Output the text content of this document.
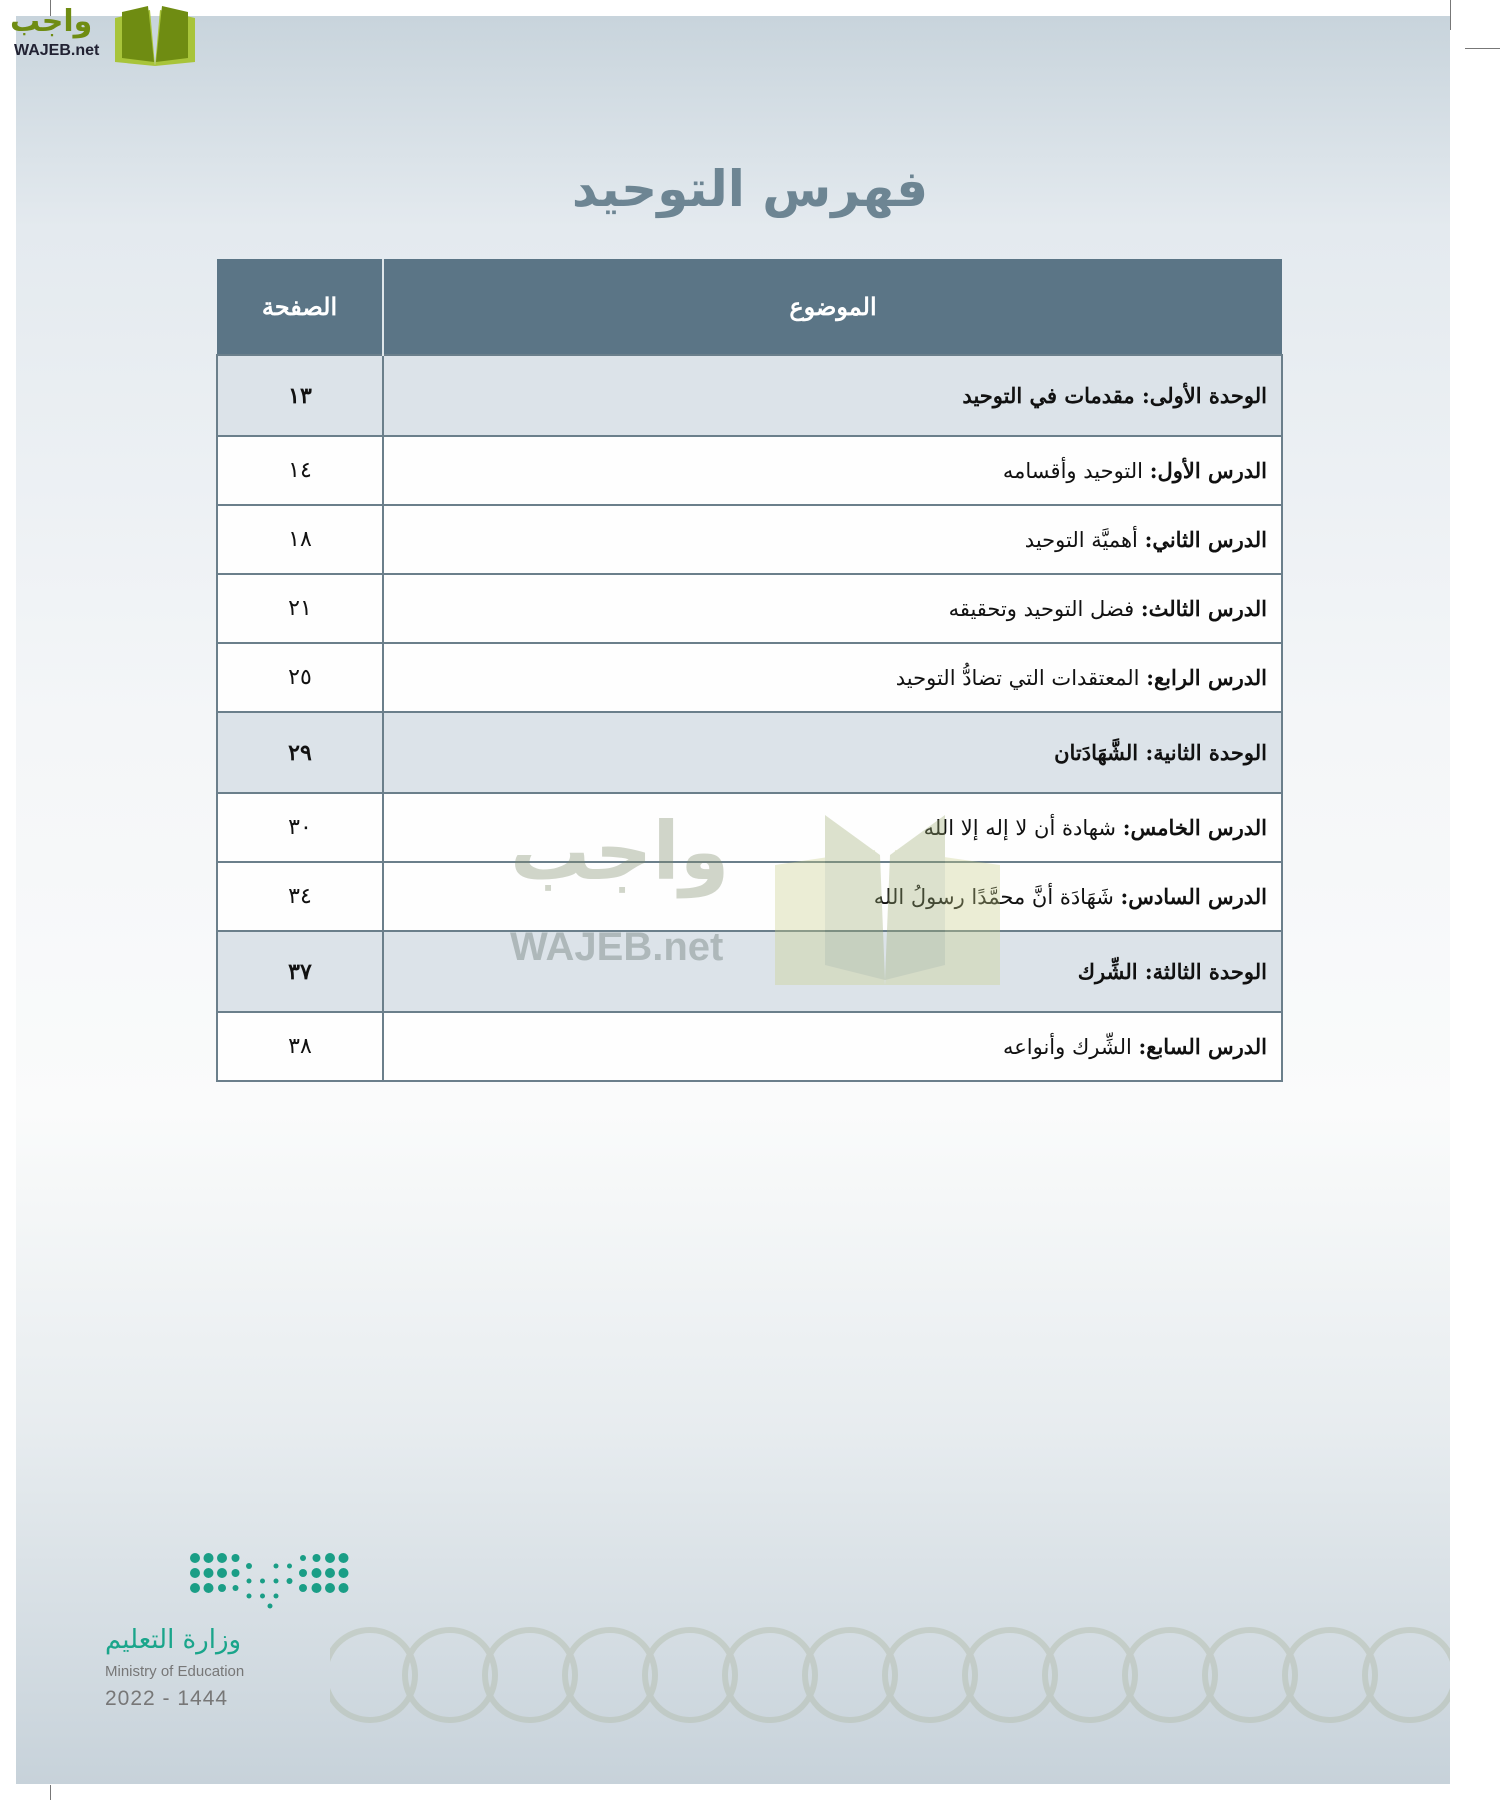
واجب
WAJEB.net
فهرس التوحيد
الموضوع	الصفحة
الوحدة الأولى: مقدمات في التوحيد	١٣
الدرس الأول: التوحيد وأقسامه	١٤
الدرس الثاني: أهميَّة التوحيد	١٨
الدرس الثالث: فضل التوحيد وتحقيقه	٢١
الدرس الرابع: المعتقدات التي تضادُّ التوحيد	٢٥
الوحدة الثانية: الشَّهَادَتان	٢٩
الدرس الخامس: شهادة أن لا إله إلا الله	٣٠
الدرس السادس: شَهَادَة أنَّ محمَّدًا رسولُ الله	٣٤
الوحدة الثالثة: الشِّرك	٣٧
الدرس السابع: الشِّرك وأنواعه	٣٨
واجب
WAJEB.net
وزارة التعليم
Ministry of Education
2022 - 1444
